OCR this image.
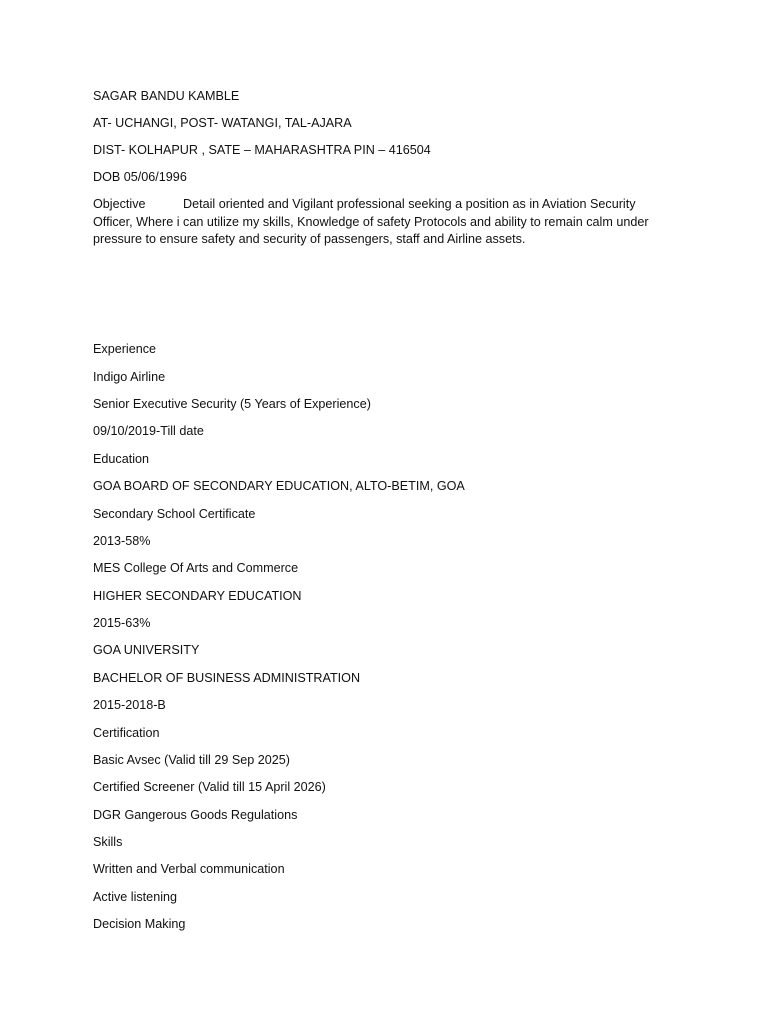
SAGAR BANDU KAMBLE

AT- UCHANGI, POST- WATANGI, TAL-AJARA

DIST- KOLHAPUR , SATE – MAHARASHTRA PIN – 416504

DOB 05/06/1996

Objective	Detail oriented and Vigilant professional seeking a position as in Aviation Security
Officer, Where i can utilize my skills, Knowledge of safety Protocols and ability to remain calm under
pressure to ensure safety and security of passengers, staff and Airline assets.

Experience

Indigo Airline

Senior Executive Security (5 Years of Experience)

09/10/2019-Till date

Education

GOA BOARD OF SECONDARY EDUCATION, ALTO-BETIM, GOA

Secondary School Certificate

2013-58%

MES College Of Arts and Commerce

HIGHER SECONDARY EDUCATION

2015-63%

GOA UNIVERSITY

BACHELOR OF BUSINESS ADMINISTRATION

2015-2018-B

Certification

Basic Avsec (Valid till 29 Sep 2025)

Certified Screener (Valid till 15 April 2026)

DGR Gangerous Goods Regulations

Skills

Written and Verbal communication

Active listening

Decision Making
